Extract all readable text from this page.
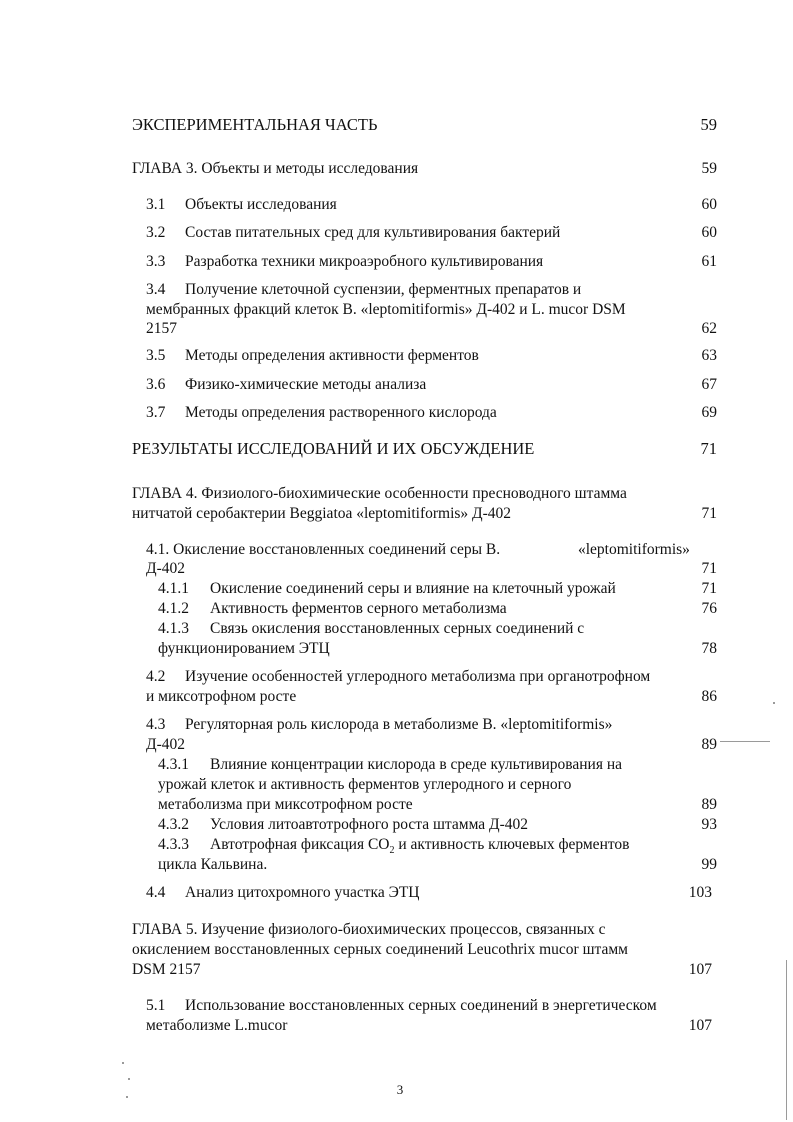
ЭКСПЕРИМЕНТАЛЬНАЯ ЧАСТЬ	59
ГЛАВА 3. Объекты и методы исследования	59
3.1 Объекты исследования	60
3.2 Состав питательных сред для культивирования бактерий	60
3.3 Разработка техники микроаэробного культивирования	61
3.4 Получение клеточной суспензии, ферментных препаратов и
мембранных фракций клеток B. «leptomitiformis» Д-402 и L. mucor DSM
2157	62
3.5 Методы определения активности ферментов	63
3.6 Физико-химические методы анализа	67
3.7 Методы определения растворенного кислорода	69
РЕЗУЛЬТАТЫ ИССЛЕДОВАНИЙ И ИХ ОБСУЖДЕНИЕ	71
ГЛАВА 4. Физиолого-биохимические особенности пресноводного штамма
нитчатой серобактерии Beggiatoa «leptomitiformis» Д-402	71
4.1. Окисление восстановленных соединений серы B.	«leptomitiformis»
Д-402	71
4.1.1 Окисление соединений серы и влияние на клеточный урожай	71
4.1.2 Активность ферментов серного метаболизма	76
4.1.3 Связь окисления восстановленных серных соединений с
функционированием ЭТЦ	78
4.2 Изучение особенностей углеродного метаболизма при органотрофном
и миксотрофном росте	86
4.3 Регуляторная роль кислорода в метаболизме B. «leptomitiformis»
Д-402	89
4.3.1 Влияние концентрации кислорода в среде культивирования на
урожай клеток и активность ферментов углеродного и серного
метаболизма при миксотрофном росте	89
4.3.2 Условия литоавтотрофного роста штамма Д-402	93
4.3.3 Автотрофная фиксация $CO_2$ и активность ключевых ферментов
цикла Кальвина.	99
4.4 Анализ цитохромного участка ЭТЦ	103
ГЛАВА 5. Изучение физиолого-биохимических процессов, связанных с
окислением восстановленных серных соединений Leucothrix mucor штамм
DSM 2157	107
5.1 Использование восстановленных серных соединений в энергетическом
метаболизме L.mucor	107
3
